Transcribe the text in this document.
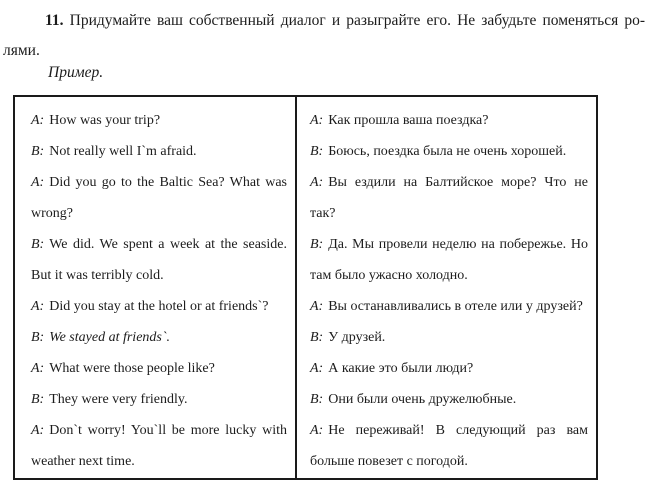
11. Придумайте ваш собственный диалог и разыграйте его. Не забудьте поменяться ро-
лями.
Пример.

A: How was your trip?

B: Not really well I`m afraid.

A: Did you go to the Baltic Sea? What was wrong?

B: We did. We spent a week at the seaside. But it was terribly cold.

A: Did you stay at the hotel or at friends`?

B: We stayed at friends`.

A: What were those people like?

B: They were very friendly.

A: Don`t worry! You`ll be more lucky with weather next time.

A: Как прошла ваша поездка?

B: Боюсь, поездка была не очень хорошей.

A: Вы ездили на Балтийское море? Что не так?

B: Да. Мы провели неделю на побережье. Но там было ужасно холодно.

A: Вы останавливались в отеле или у друзей?

B: У друзей.

A: А какие это были люди?

B: Они были очень дружелюбные.

A: Не переживай! В следующий раз вам больше повезет с погодой.
